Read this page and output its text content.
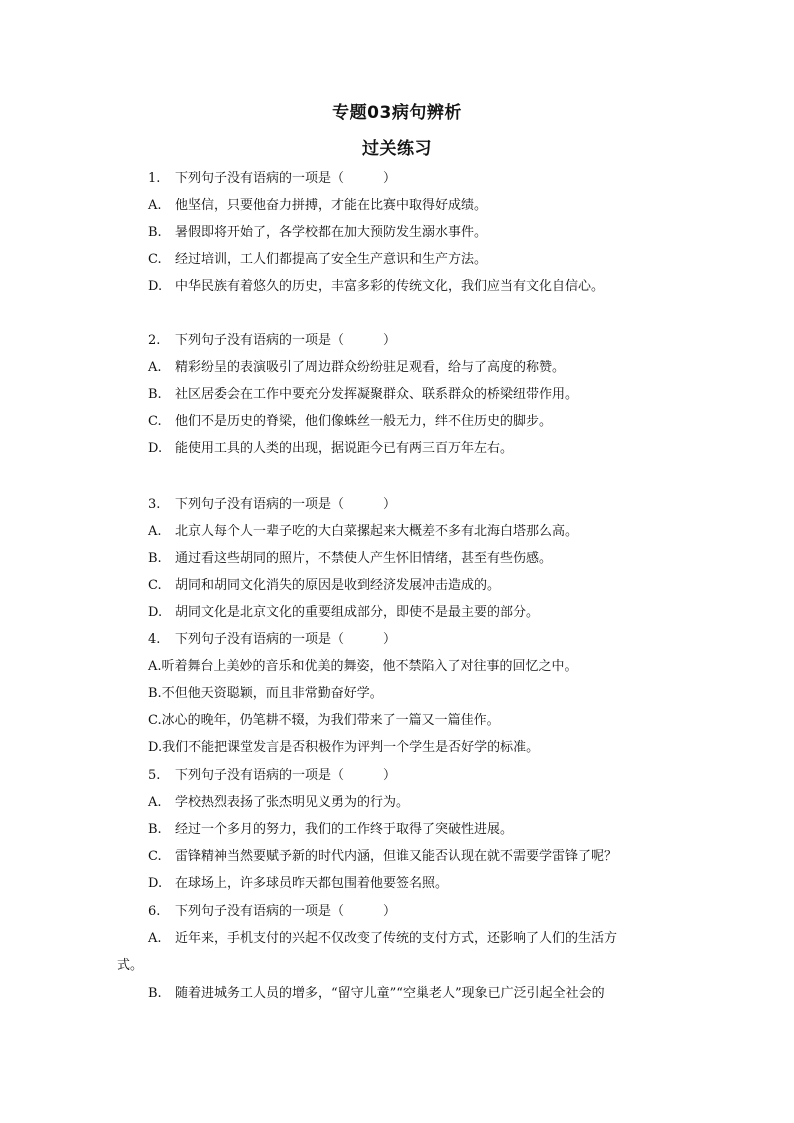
专题03病句辨析
过关练习
1. 下列句子没有语病的一项是（　　　）
A. 他坚信，只要他奋力拼搏，才能在比赛中取得好成绩。
B. 暑假即将开始了，各学校都在加大预防发生溺水事件。
C. 经过培训，工人们都提高了安全生产意识和生产方法。
D. 中华民族有着悠久的历史，丰富多彩的传统文化，我们应当有文化自信心。
2. 下列句子没有语病的一项是（　　　）
A. 精彩纷呈的表演吸引了周边群众纷纷驻足观看，给与了高度的称赞。
B. 社区居委会在工作中要充分发挥凝聚群众、联系群众的桥梁纽带作用。
C. 他们不是历史的脊梁，他们像蛛丝一般无力，绊不住历史的脚步。
D. 能使用工具的人类的出现，据说距今已有两三百万年左右。
3. 下列句子没有语病的一项是（　　　）
A. 北京人每个人一辈子吃的大白菜摞起来大概差不多有北海白塔那么高。
B. 通过看这些胡同的照片，不禁使人产生怀旧情绪，甚至有些伤感。
C. 胡同和胡同文化消失的原因是收到经济发展冲击造成的。
D. 胡同文化是北京文化的重要组成部分，即使不是最主要的部分。
4. 下列句子没有语病的一项是（　　　）
A.听着舞台上美妙的音乐和优美的舞姿，他不禁陷入了对往事的回忆之中。
B.不但他天资聪颖，而且非常勤奋好学。
C.冰心的晚年，仍笔耕不辍，为我们带来了一篇又一篇佳作。
D.我们不能把课堂发言是否积极作为评判一个学生是否好学的标准。
5. 下列句子没有语病的一项是（　　　）
A. 学校热烈表扬了张杰明见义勇为的行为。
B. 经过一个多月的努力，我们的工作终于取得了突破性进展。
C. 雷锋精神当然要赋予新的时代内涵，但谁又能否认现在就不需要学雷锋了呢？
D. 在球场上，许多球员昨天都包围着他要签名照。
6. 下列句子没有语病的一项是（　　　）
A. 近年来，手机支付的兴起不仅改变了传统的支付方式，还影响了人们的生活方
式。
B. 随着进城务工人员的增多，“留守儿童”“空巢老人”现象已广泛引起全社会的
